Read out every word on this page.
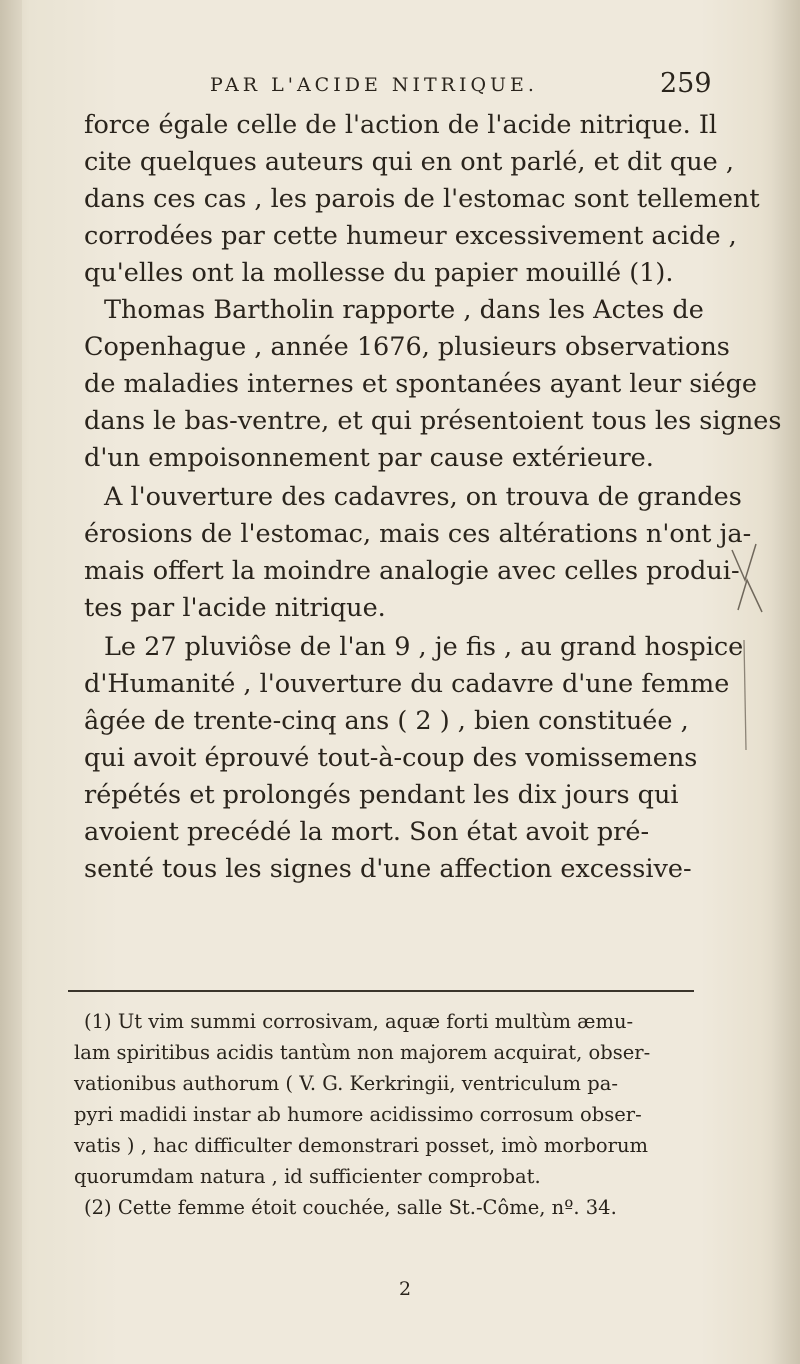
PAR L'ACIDE NITRIQUE.	259
force égale celle de l'action de l'acide nitrique. Il
cite quelques auteurs qui en ont parlé, et dit que ,
dans ces cas , les parois de l'estomac sont tellement
corrodées par cette humeur excessivement acide ,
qu'elles ont la mollesse du papier mouillé (1).
Thomas Bartholin rapporte , dans les Actes de
Copenhague , année 1676, plusieurs observations
de maladies internes et spontanées ayant leur siége
dans le bas-ventre, et qui présentoient tous les signes
d'un empoisonnement par cause extérieure.
A l'ouverture des cadavres, on trouva de grandes
érosions de l'estomac, mais ces altérations n'ont ja-
mais offert la moindre analogie avec celles produi-
tes par l'acide nitrique.
Le 27 pluviôse de l'an 9 , je fis , au grand hospice
d'Humanité , l'ouverture du cadavre d'une femme
âgée de trente-cinq ans ( 2 ) , bien constituée ,
qui avoit éprouvé tout-à-coup des vomissemens
répétés et prolongés pendant les dix jours qui
avoient precédé la mort. Son état avoit pré-
senté tous les signes d'une affection excessive-
(1) Ut vim summi corrosivam, aquæ forti multùm æmu-
lam spiritibus acidis tantùm non majorem acquirat, obser-
vationibus authorum ( V. G. Kerkringii, ventriculum pa-
pyri madidi instar ab humore acidissimo corrosum obser-
vatis ) , hac difficulter demonstrari posset, imò morborum
quorumdam natura , id sufficienter comprobat.
(2) Cette femme étoit couchée, salle St.-Côme, nº. 34.
2
